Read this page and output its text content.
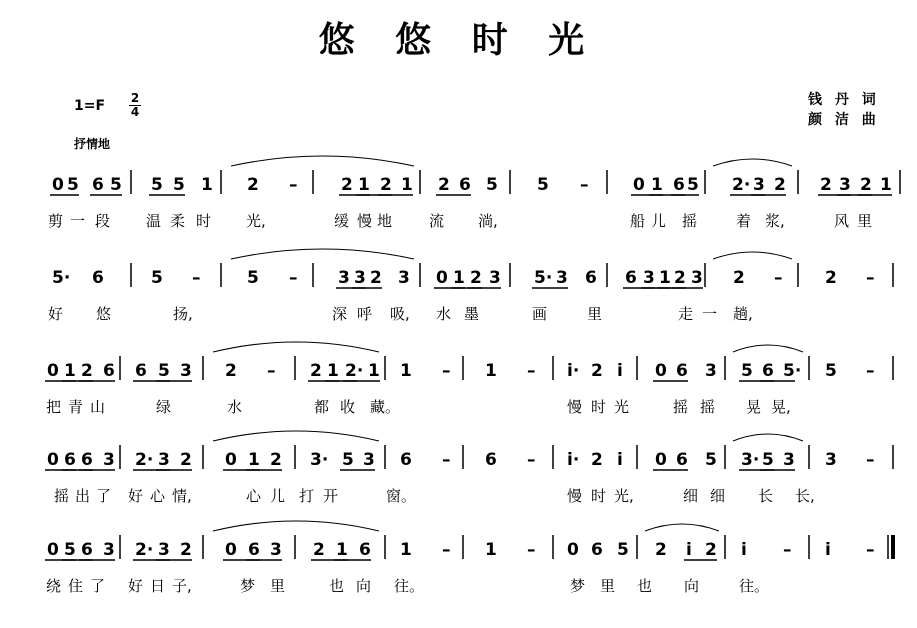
悠 悠 时 光
1=F 2
4
抒情地
钱 丹 词
颜 洁 曲
0 5 6 5 5 5 1 2 –	2 1 2 1 2 6 5 5 –	0 1 6 5 2· 3 2 2 3 2 1
剪 一 段 温 柔 时 光,	缓 慢 地 流 淌,	船 儿 摇	着 浆,	风 里
5· 6	5 –	5 – 3 3 2 3 0 1 2 3 5· 3 6 6 3 1 2 3 2 –	2 –
好 悠	扬,	深 呼 吸, 水 墨	画	里	走 一 趟,
0 1 2 6 6 5 3 2 – 2 1 2· 1 1 – 1 – i· 2 i 0 6 3 5 6 5· 5 –
把 青 山	绿	水	都 收 藏。	慢 时 光	摇 摇 晃 晃,
0 6 6 3 2· 3 2 0 1 2 3· 5 3 6 – 6 – i· 2 i 0 6 5 3· 5 3 3 –
摇 出 了 好 心 情,	心 儿 打 开	窗。	慢 时 光,	细 细 长 长,
0 5 6 3 2· 3 2 0 6 3 2 1 6 1 – 1 – 0 6 5 2 i 2 i – i –
绕 住 了 好 日 子,	梦 里	也 向 往。	梦 里 也 向	往。
